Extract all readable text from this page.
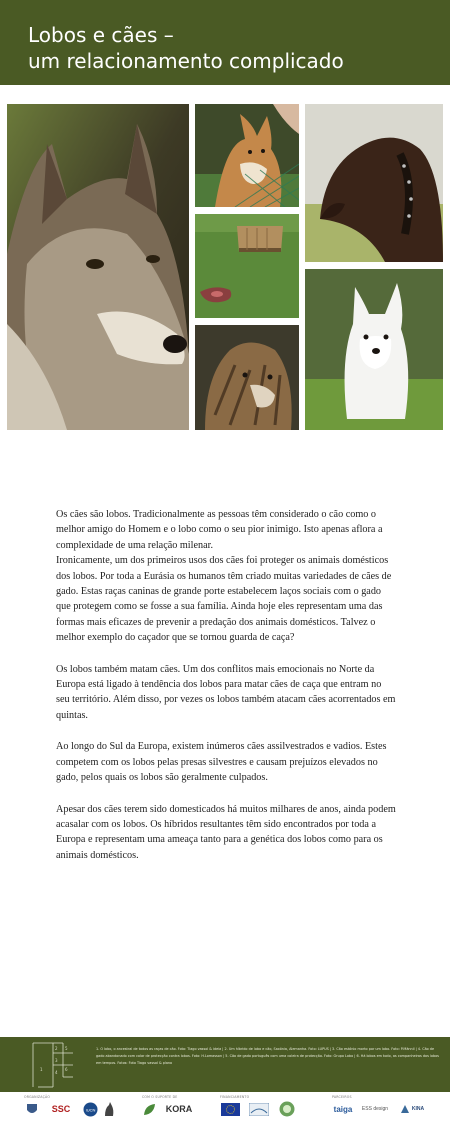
Lobos e cães –
um relacionamento complicado

Os cães são lobos. Tradicionalmente as pessoas têm considerado o cão como o melhor amigo do Homem e o lobo como o seu pior inimigo. Isto apenas aflora a complexidade de uma relação milenar.

Ironicamente, um dos primeiros usos dos cães foi proteger os animais domésticos dos lobos. Por toda a Eurásia os humanos têm criado muitas variedades de cães de gado. Estas raças caninas de grande porte estabelecem laços sociais com o gado que protegem como se fosse a sua família. Ainda hoje eles representam uma das formas mais eficazes de prevenir a predação dos animais domésticos. Talvez o melhor exemplo do caçador que se tornou guarda de caça?

Os lobos também matam cães. Um dos conflitos mais emocionais no Norte da Europa está ligado à tendência dos lobos para matar cães de caça que entram no seu território. Além disso, por vezes os lobos também atacam cães acorrentados em quintas.

Ao longo do Sul da Europa, existem inúmeros cães assilvestrados e vadios. Estes competem com os lobos pelas presas silvestres e causam prejuízos elevados no gado, pelos quais os lobos são geralmente culpados.

Apesar dos cães terem sido domesticados há muitos milhares de anos, ainda podem acasalar com os lobos. Os híbridos resultantes têm sido encontrados por toda a Europa e representam uma ameaça tanto para a genética dos lobos como para os animais domésticos.

2 5
3
6
4
1
1. O lobo, o ancestral de todos as raças de cão. Foto: Tiago vassol & ideia | 2. Um híbrido de lobo e cão, Saxónia, Alemanha. Foto: LUPUS | 3. Cão estónio morto por um lobo. Foto: P.Männil | 4. Cão de gado abandonado com colar de protecção contra lobos. Foto: H.Lomasson | 5. Cão de gado português com uma coleira de protecção. Foto: Grupo Lobo | 6. Há lobos em todo, as companheiras dos lobos em tempos. Fotos: Foto Tiago vassol & plano
ORGANIZAÇÃO	COM O SUPORTE DE	FINANCIAMENTO	PARCEIROS
SSC	IUCN	KORA	taiga ESS design	KINA
